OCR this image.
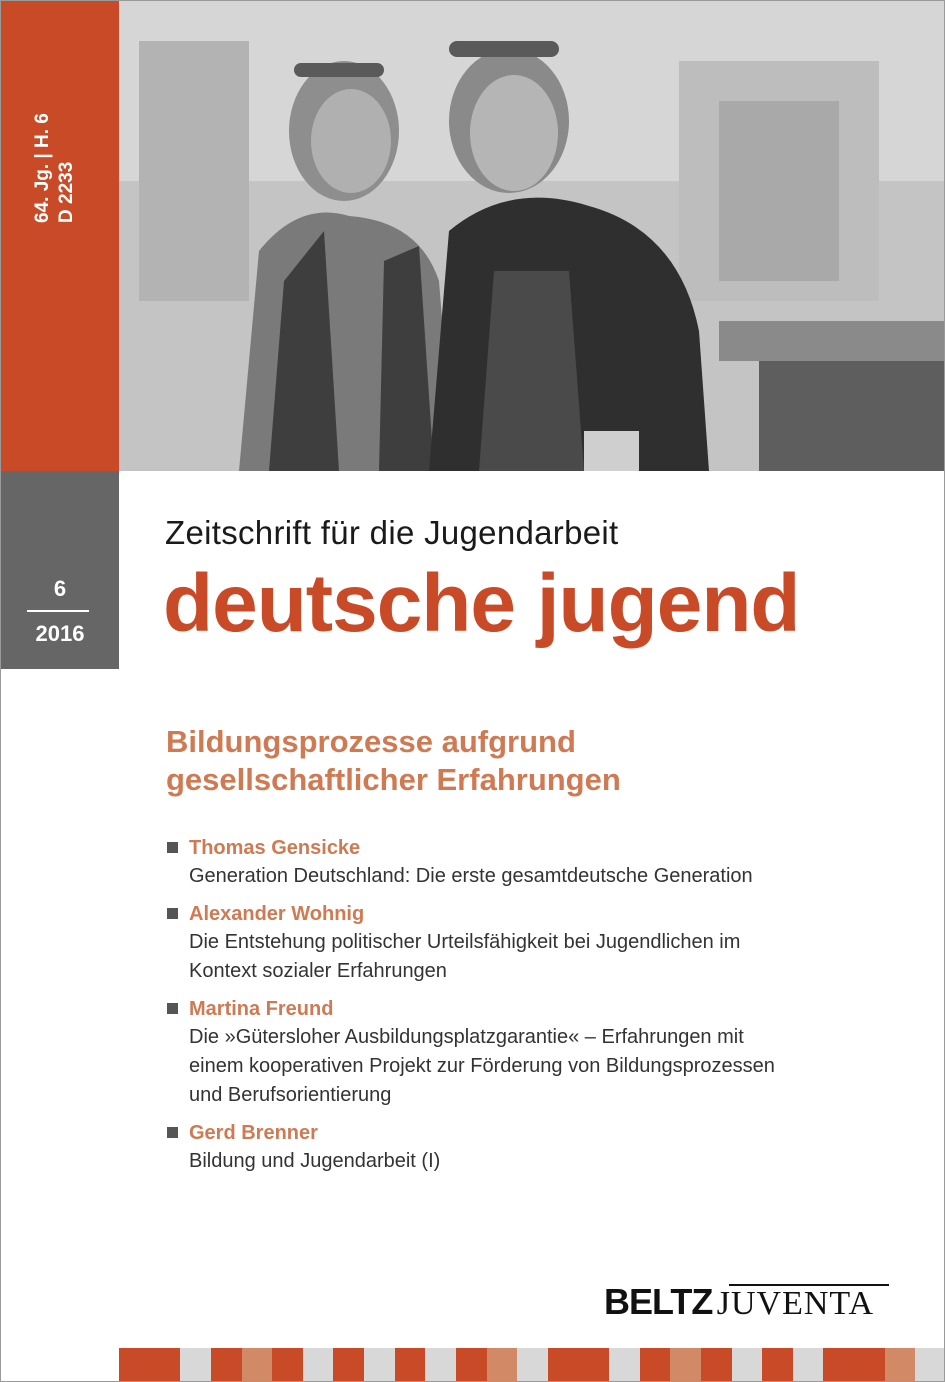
64. Jg. | H. 6 D 2233
6
2016
Zeitschrift für die Jugendarbeit
deutsche jugend
Bildungsprozesse aufgrund
gesellschaftlicher Erfahrungen
Thomas Gensicke
Generation Deutschland: Die erste gesamtdeutsche Generation
Alexander Wohnig
Die Entstehung politischer Urteilsfähigkeit bei Jugendlichen im
Kontext sozialer Erfahrungen
Martina Freund
Die »Gütersloher Ausbildungsplatzgarantie« – Erfahrungen mit
einem kooperativen Projekt zur Förderung von Bildungsprozessen
und Berufsorientierung
Gerd Brenner
Bildung und Jugendarbeit (I)
BELTZ JUVENTA
